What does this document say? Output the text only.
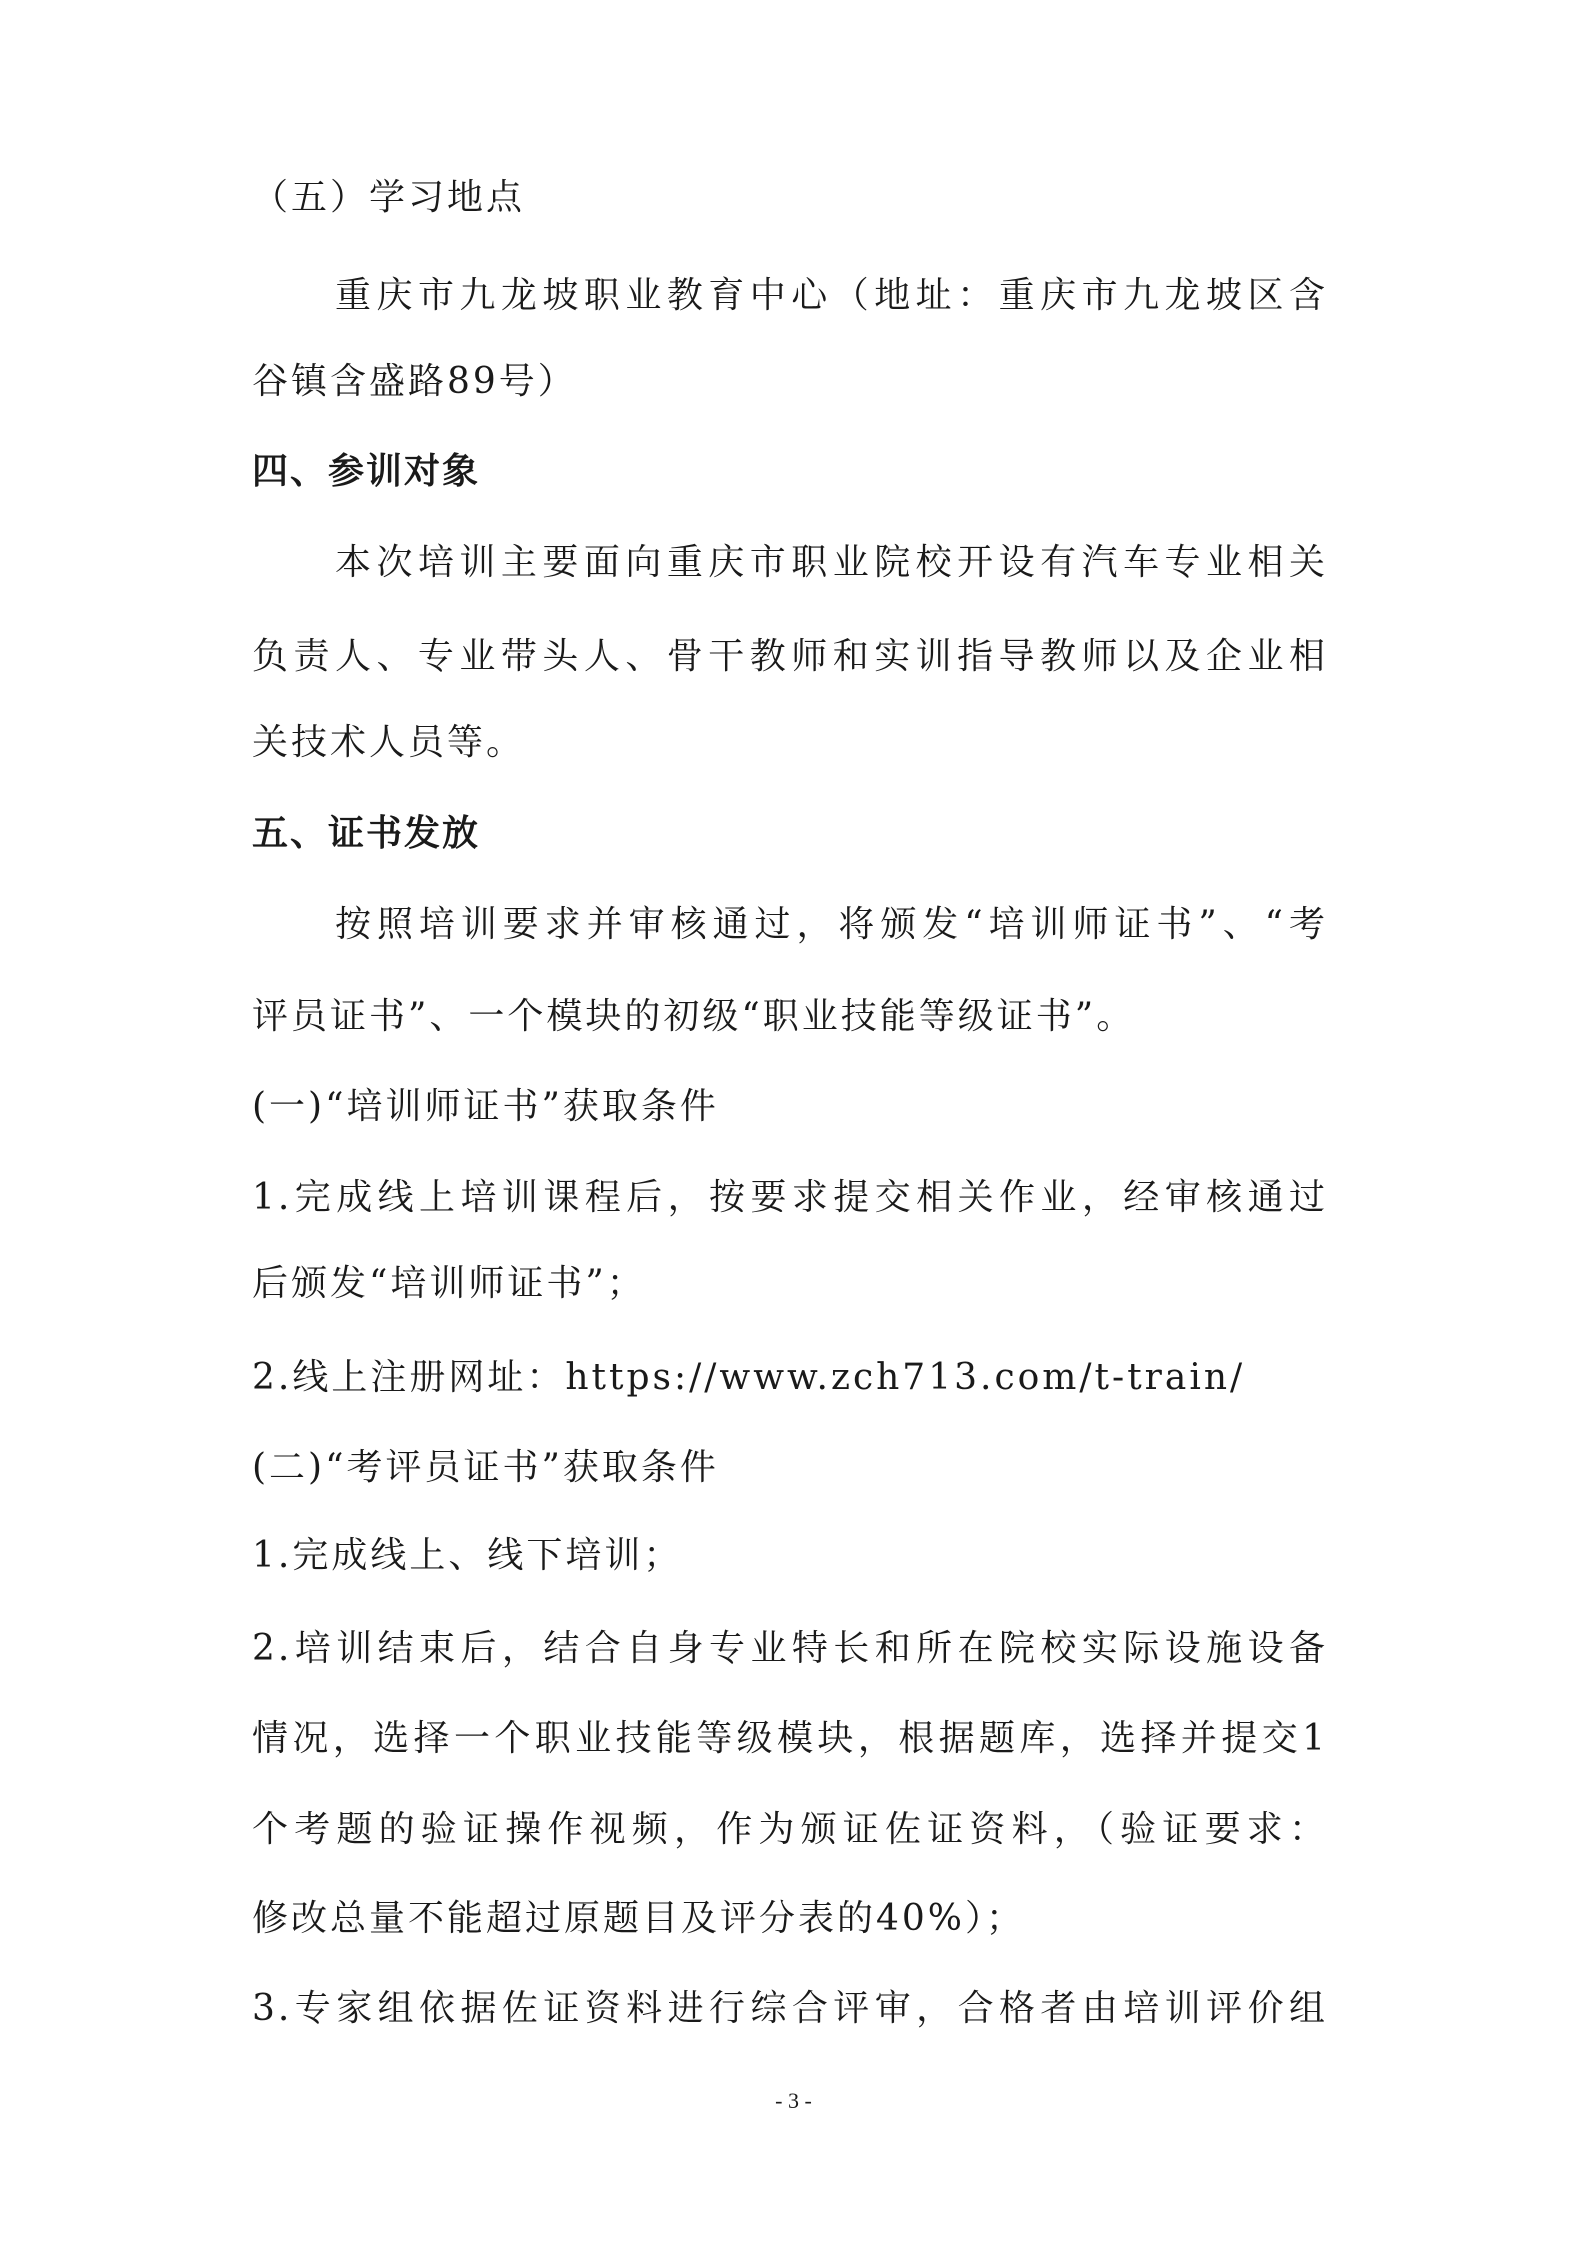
（五）学习地点
重庆市九龙坡职业教育中心（地址：重庆市九龙坡区含
谷镇含盛路89号）
四、参训对象
本次培训主要面向重庆市职业院校开设有汽车专业相关
负责人、专业带头人、骨干教师和实训指导教师以及企业相
关技术人员等。
五、证书发放
按照培训要求并审核通过，将颁发“培训师证书”、“考
评员证书”、一个模块的初级“职业技能等级证书”。
(一)“培训师证书”获取条件
1.完成线上培训课程后，按要求提交相关作业，经审核通过
后颁发“培训师证书”；
2.线上注册网址：https://www.zch713.com/t-train/
(二)“考评员证书”获取条件
1.完成线上、线下培训；
2.培训结束后，结合自身专业特长和所在院校实际设施设备
情况，选择一个职业技能等级模块，根据题库，选择并提交1
个考题的验证操作视频，作为颁证佐证资料，（验证要求：
修改总量不能超过原题目及评分表的40%）；
3.专家组依据佐证资料进行综合评审，合格者由培训评价组
- 3 -
